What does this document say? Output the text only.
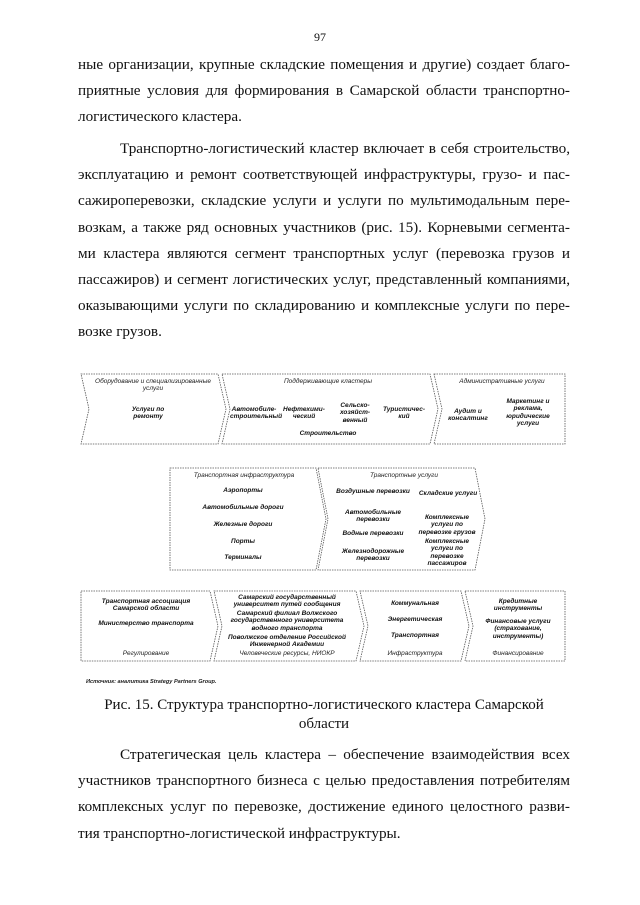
97
ные организации, крупные складские помещения и другие) создает благо-
приятные условия для формирования в Самарской области транспортно-
логистического кластера.
Транспортно-логистический кластер включает в себя строительство,
эксплуатацию и ремонт соответствующей инфраструктуры, грузо- и пас-
сажироперевозки, складские услуги и услуги по мультимодальным пере-
возкам, а также ряд основных участников (рис. 15). Корневыми сегмента-
ми кластера являются сегмент транспортных услуг (перевозка грузов и
пассажиров) и сегмент логистических услуг, представленный компаниями,
оказывающими услуги по складированию и комплексные услуги по пере-
возке грузов.
Оборудование и специализированные услуги
Услуги по ремонту
Поддерживающие кластеры
Автомобиле-строительный
Нефтехими-ческий
Сельско-хозяйст-венный
Туристичес-кий
Строительство
Административные услуги
Аудит и консалтинг
Маркетинг и реклама, юридические услуги
Транспортная инфраструктура
Аэропорты
Автомобильные дороги
Железные дороги
Порты
Терминалы
Транспортные услуги
Воздушные перевозки
Автомобильные перевозки
Водные перевозки
Железнодорожные перевозки
Складские услуги
Комплексные услуги по перевозке грузов
Комплексные услуги по перевозке пассажиров
Транспортная ассоциация Самарской области
Министерство транспорта
Регулирование
Самарский государственный университет путей сообщения
Самарский филиал Волжского государственного университета водного транспорта
Поволжское отделение Российской Инженерной Академии
Человеческие ресурсы, НИОКР
Коммунальная
Энергетическая
Транспортная
Инфраструктура
Кредитные инструменты
Финансовые услуги (страхование, инструменты)
Финансирование
Источник: аналитика Strategy Partners Group.
Рис. 15. Структура транспортно-логистического кластера Самарской области
Стратегическая цель кластера – обеспечение взаимодействия всех
участников транспортного бизнеса с целью предоставления потребителям
комплексных услуг по перевозке, достижение единого целостного разви-
тия транспортно-логистической инфраструктуры.
